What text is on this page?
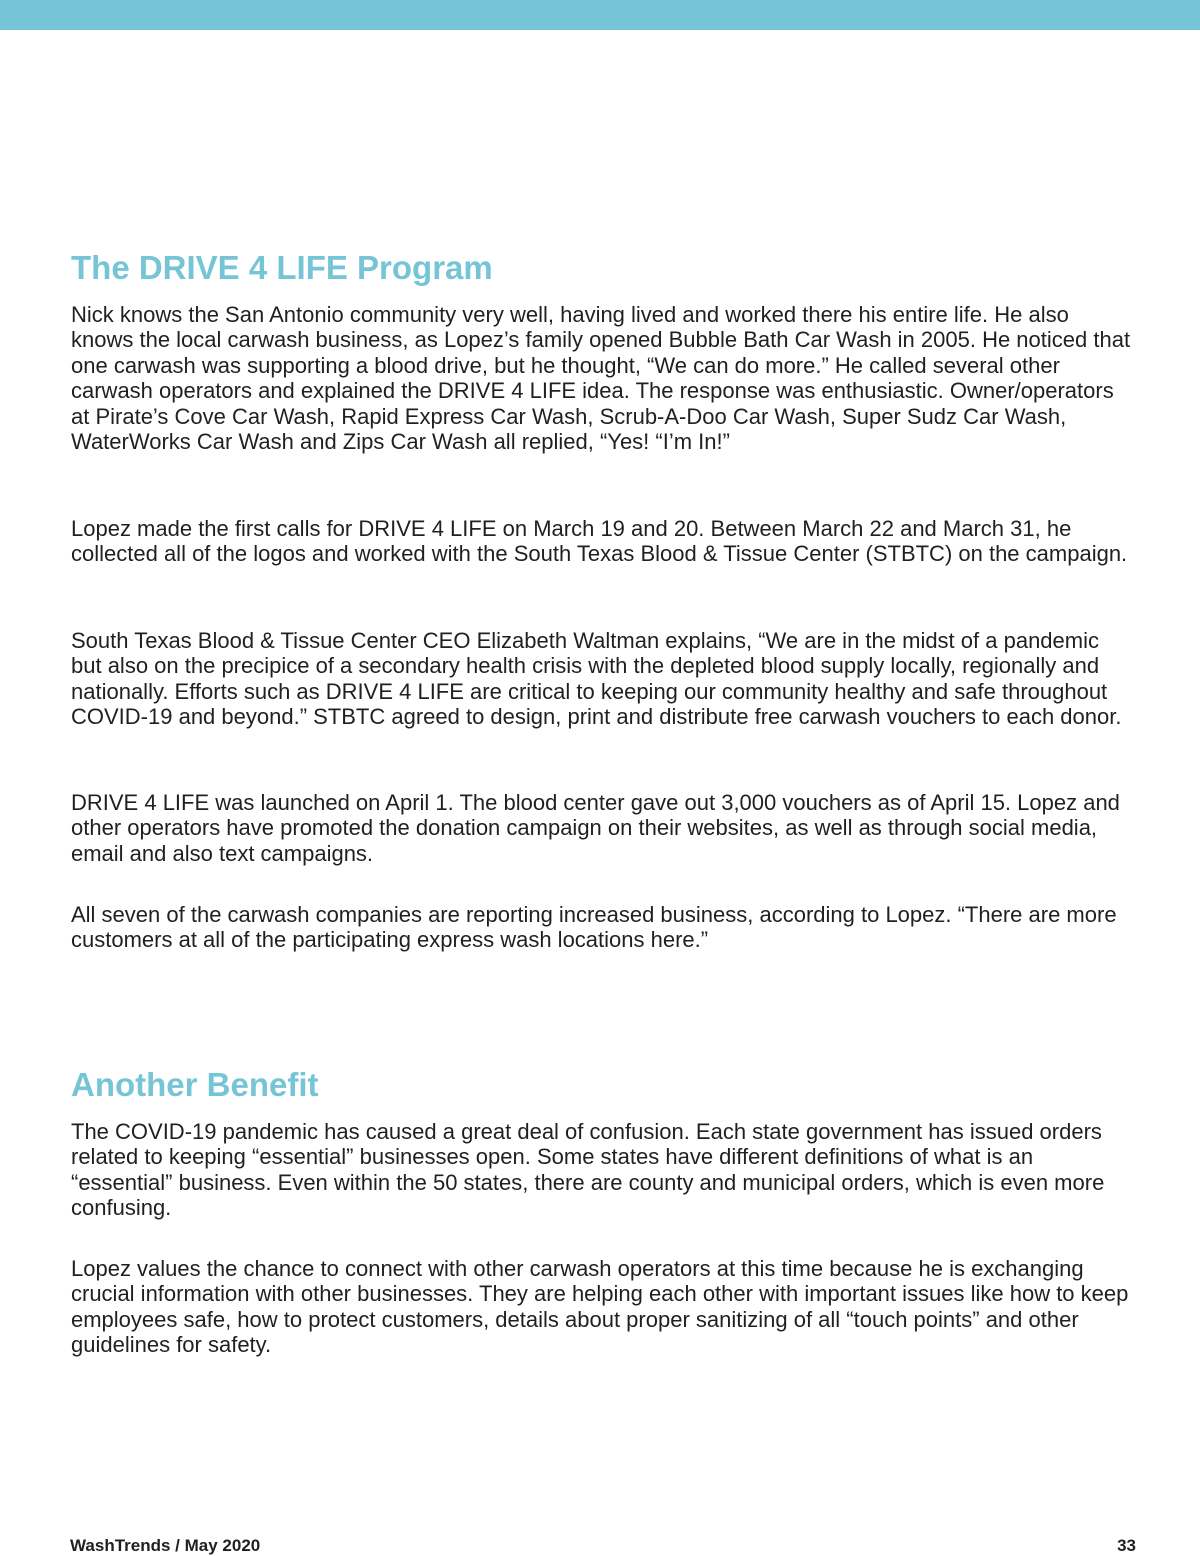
The DRIVE 4 LIFE Program

Nick knows the San Antonio community very well, having lived and worked there his entire life. He also knows the local carwash business, as Lopez’s family opened Bubble Bath Car Wash in 2005. He noticed that one carwash was supporting a blood drive, but he thought, “We can do more.” He called several other carwash operators and explained the DRIVE 4 LIFE idea. The response was enthusiastic. Owner/operators at Pirate’s Cove Car Wash, Rapid Express Car Wash, Scrub-A-Doo Car Wash, Super Sudz Car Wash, WaterWorks Car Wash and Zips Car Wash all replied, “Yes! “I’m In!”

Lopez made the first calls for DRIVE 4 LIFE on March 19 and 20. Between March 22 and March 31, he collected all of the logos and worked with the South Texas Blood & Tissue Center (STBTC) on the campaign.

South Texas Blood & Tissue Center CEO Elizabeth Waltman explains, “We are in the midst of a pandemic but also on the precipice of a secondary health crisis with the depleted blood supply locally, regionally and nationally. Efforts such as DRIVE 4 LIFE are critical to keeping our community healthy and safe throughout COVID-19 and beyond.” STBTC agreed to design, print and distribute free carwash vouchers to each donor.

DRIVE 4 LIFE was launched on April 1. The blood center gave out 3,000 vouchers as of April 15. Lopez and other operators have promoted the donation campaign on their websites, as well as through social media, email and also text campaigns.

All seven of the carwash companies are reporting increased business, according to Lopez. “There are more customers at all of the participating express wash locations here.”

Another Benefit

The COVID-19 pandemic has caused a great deal of confusion. Each state government has issued orders related to keeping “essential” businesses open. Some states have different definitions of what is an “essential” business. Even within the 50 states, there are county and municipal orders, which is even more confusing.

Lopez values the chance to connect with other carwash operators at this time because he is exchanging crucial information with other businesses. They are helping each other with important issues like how to keep employees safe, how to protect customers, details about proper sanitizing of all “touch points” and other guidelines for safety.

WashTrends / May 2020	33
